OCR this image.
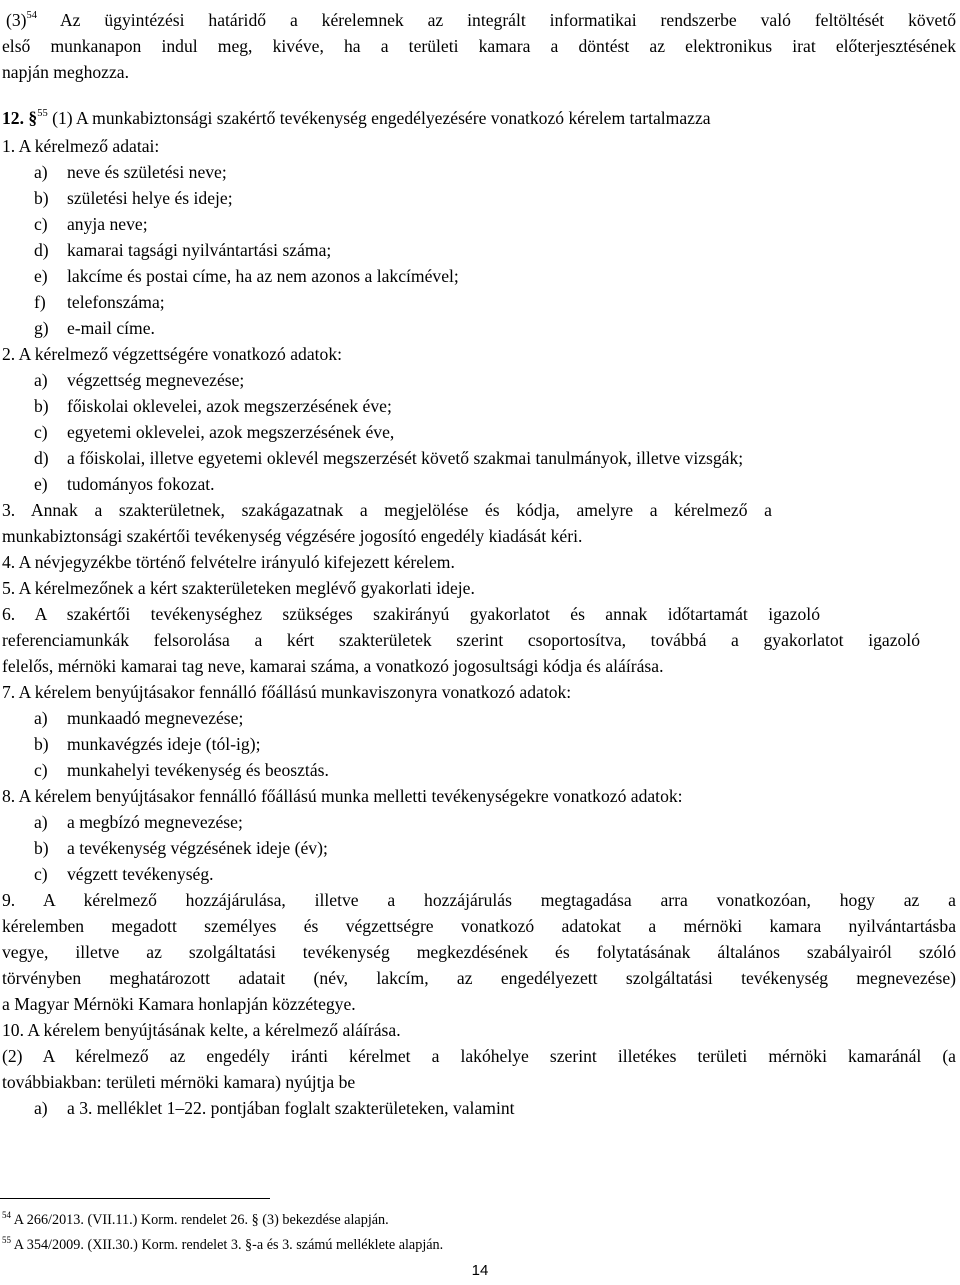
$(3)^{54}$ Az ügyintézési határidő a kérelemnek az integrált informatikai rendszerbe való feltöltését követő
első munkanapon indul meg, kivéve, ha a területi kamara a döntést az elektronikus irat előterjesztésének
napján meghozza.
12. §$^{55}$ (1) A munkabiztonsági szakértő tevékenység engedélyezésére vonatkozó kérelem tartalmazza
1. A kérelmező adatai:
a) neve és születési neve;
b) születési helye és ideje;
c) anyja neve;
d) kamarai tagsági nyilvántartási száma;
e) lakcíme és postai címe, ha az nem azonos a lakcímével;
f) telefonszáma;
g) e-mail címe.
2. A kérelmező végzettségére vonatkozó adatok:
a) végzettség megnevezése;
b) főiskolai oklevelei, azok megszerzésének éve;
c) egyetemi oklevelei, azok megszerzésének éve,
d) a főiskolai, illetve egyetemi oklevél megszerzését követő szakmai tanulmányok, illetve vizsgák;
e) tudományos fokozat.
3. Annak a szakterületnek, szakágazatnak a megjelölése és kódja, amelyre a kérelmező a
munkabiztonsági szakértői tevékenység végzésére jogosító engedély kiadását kéri.
4. A névjegyzékbe történő felvételre irányuló kifejezett kérelem.
5. A kérelmezőnek a kért szakterületeken meglévő gyakorlati ideje.
6. A szakértői tevékenységhez szükséges szakirányú gyakorlatot és annak időtartamát igazoló
referenciamunkák felsorolása a kért szakterületek szerint csoportosítva, továbbá a gyakorlatot igazoló
felelős, mérnöki kamarai tag neve, kamarai száma, a vonatkozó jogosultsági kódja és aláírása.
7. A kérelem benyújtásakor fennálló főállású munkaviszonyra vonatkozó adatok:
a) munkaadó megnevezése;
b) munkavégzés ideje (tól-ig);
c) munkahelyi tevékenység és beosztás.
8. A kérelem benyújtásakor fennálló főállású munka melletti tevékenységekre vonatkozó adatok:
a) a megbízó megnevezése;
b) a tevékenység végzésének ideje (év);
c) végzett tevékenység.
9. A kérelmező hozzájárulása, illetve a hozzájárulás megtagadása arra vonatkozóan, hogy az a
kérelemben megadott személyes és végzettségre vonatkozó adatokat a mérnöki kamara nyilvántartásba
vegye, illetve az szolgáltatási tevékenység megkezdésének és folytatásának általános szabályairól szóló
törvényben meghatározott adatait (név, lakcím, az engedélyezett szolgáltatási tevékenység megnevezése)
a Magyar Mérnöki Kamara honlapján közzétegye.
10. A kérelem benyújtásának kelte, a kérelmező aláírása.
(2) A kérelmező az engedély iránti kérelmet a lakóhelye szerint illetékes területi mérnöki kamaránál (a
továbbiakban: területi mérnöki kamara) nyújtja be
a) a 3. melléklet 1–22. pontjában foglalt szakterületeken, valamint
$^{54}$ A 266/2013. (VII.11.) Korm. rendelet 26. § (3) bekezdése alapján.
$^{55}$ A 354/2009. (XII.30.) Korm. rendelet 3. §-a és 3. számú melléklete alapján.
14
